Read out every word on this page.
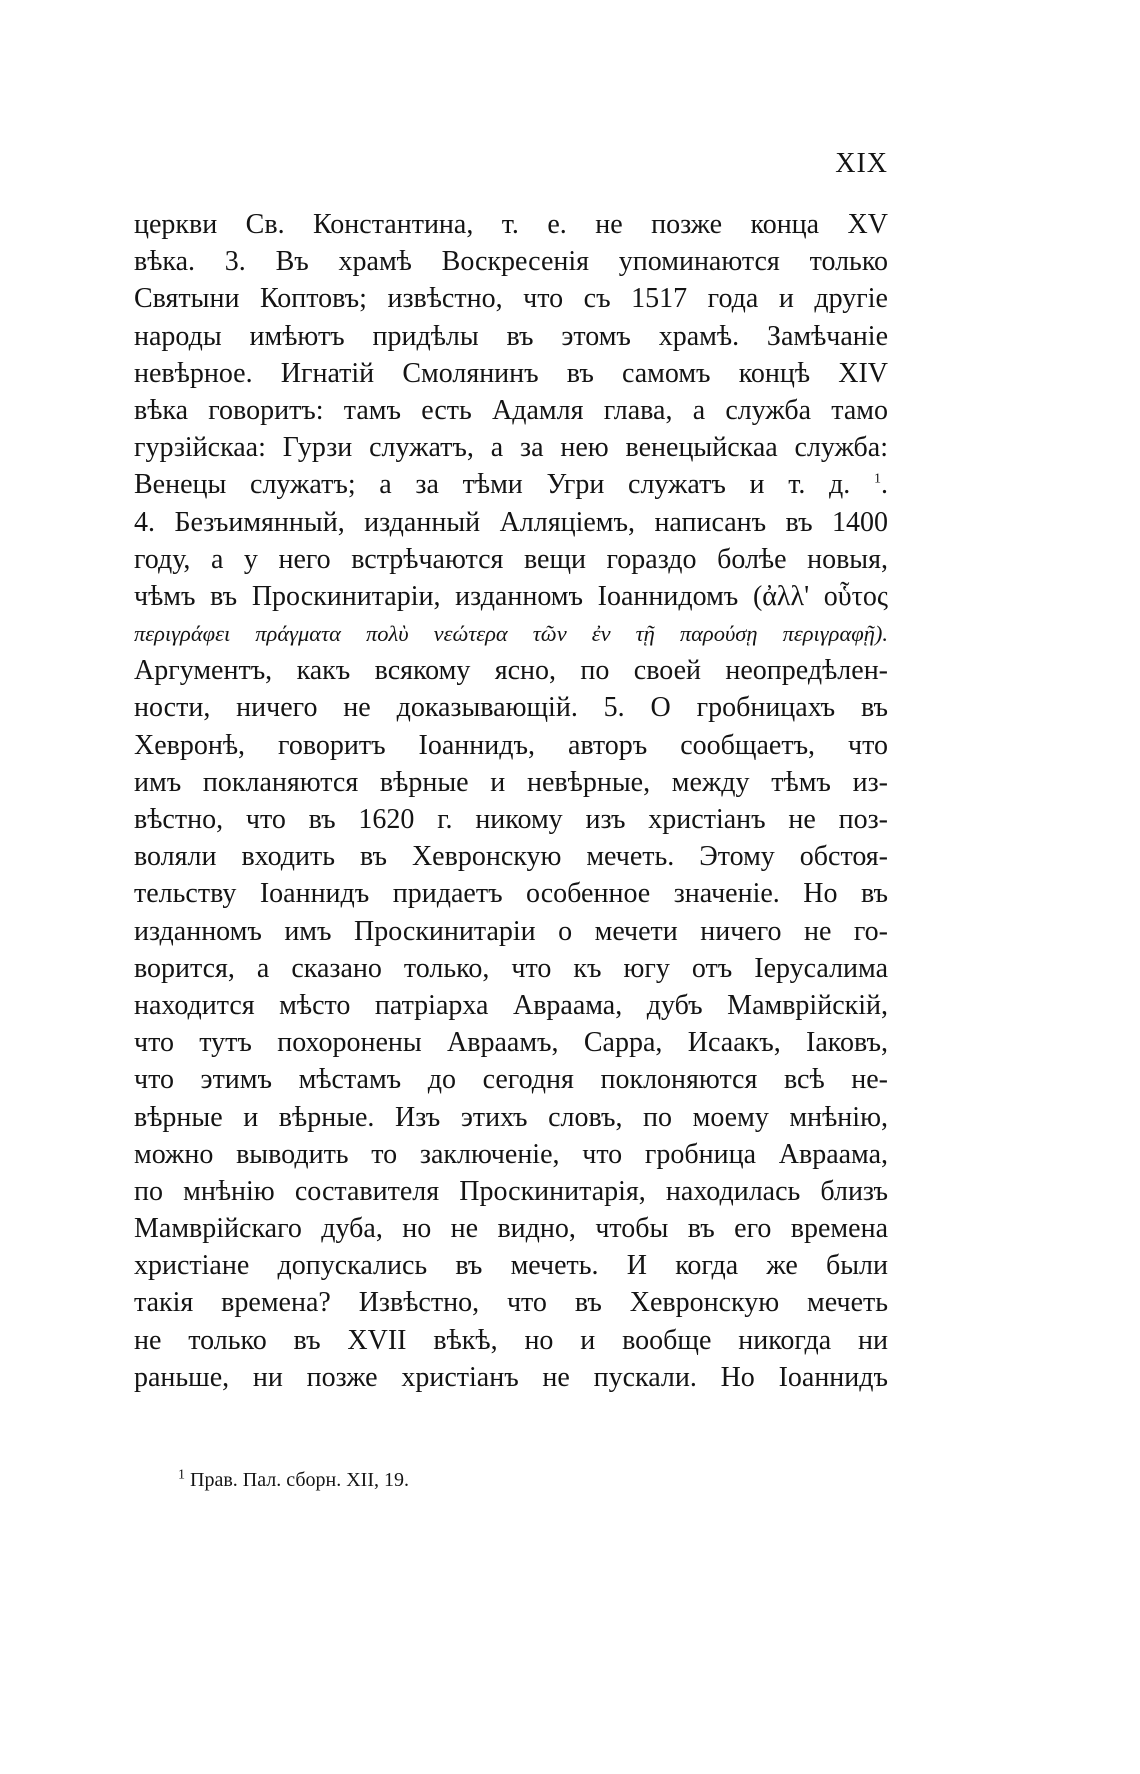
XIX
церкви Св. Константина, т. е. не позже конца XV
вѣка. 3. Въ храмѣ Воскресенія упоминаются только
Святыни Коптовъ; извѣстно, что съ 1517 года и другіе
народы имѣютъ придѣлы въ этомъ храмѣ. Замѣчаніе
невѣрное. Игнатій Смолянинъ въ самомъ концѣ XIV
вѣка говоритъ: тамъ есть Адамля глава, а служба тамо
гурзійскаа: Гурзи служатъ, а за нею венецыйскаа служба:
Венецы служатъ; а за тѣми Угри служатъ и т. д. $^1$.
4. Безъимянный, изданный Алляціемъ, написанъ въ 1400
году, а у него встрѣчаются вещи гораздо болѣе новыя,
чѣмъ въ Проскинитаріи, изданномъ Іоаннидомъ (ἀλλ' οὗτος
περιγράφει πράγματα πολὺ νεώτερα τῶν ἐν τῇ παρούσῃ περιγραφῇ).
Аргументъ, какъ всякому ясно, по своей неопредѣлен-
ности, ничего не доказывающій. 5. О гробницахъ въ
Хевронѣ, говоритъ Іоаннидъ, авторъ сообщаетъ, что
имъ покланяются вѣрные и невѣрные, между тѣмъ из-
вѣстно, что въ 1620 г. никому изъ христіанъ не поз-
воляли входить въ Хевронскую мечеть. Этому обстоя-
тельству Іоаннидъ придаетъ особенное значеніе. Но въ
изданномъ имъ Проскинитаріи о мечети ничего не го-
ворится, а сказано только, что къ югу отъ Іерусалима
находится мѣсто патріарха Авраама, дубъ Мамврійскій,
что тутъ похоронены Авраамъ, Сарра, Исаакъ, Іаковъ,
что этимъ мѣстамъ до сегодня поклоняются всѣ не-
вѣрные и вѣрные. Изъ этихъ словъ, по моему мнѣнію,
можно выводить то заключеніе, что гробница Авраама,
по мнѣнію составителя Проскинитарія, находилась близъ
Мамврійскаго дуба, но не видно, чтобы въ его времена
христіане допускались въ мечеть. И когда же были
такія времена? Извѣстно, что въ Хевронскую мечеть
не только въ XVII вѣкѣ, но и вообще никогда ни
раньше, ни позже христіанъ не пускали. Но Іоаннидъ
$^1$ Прав. Пал. сборн. XII, 19.
